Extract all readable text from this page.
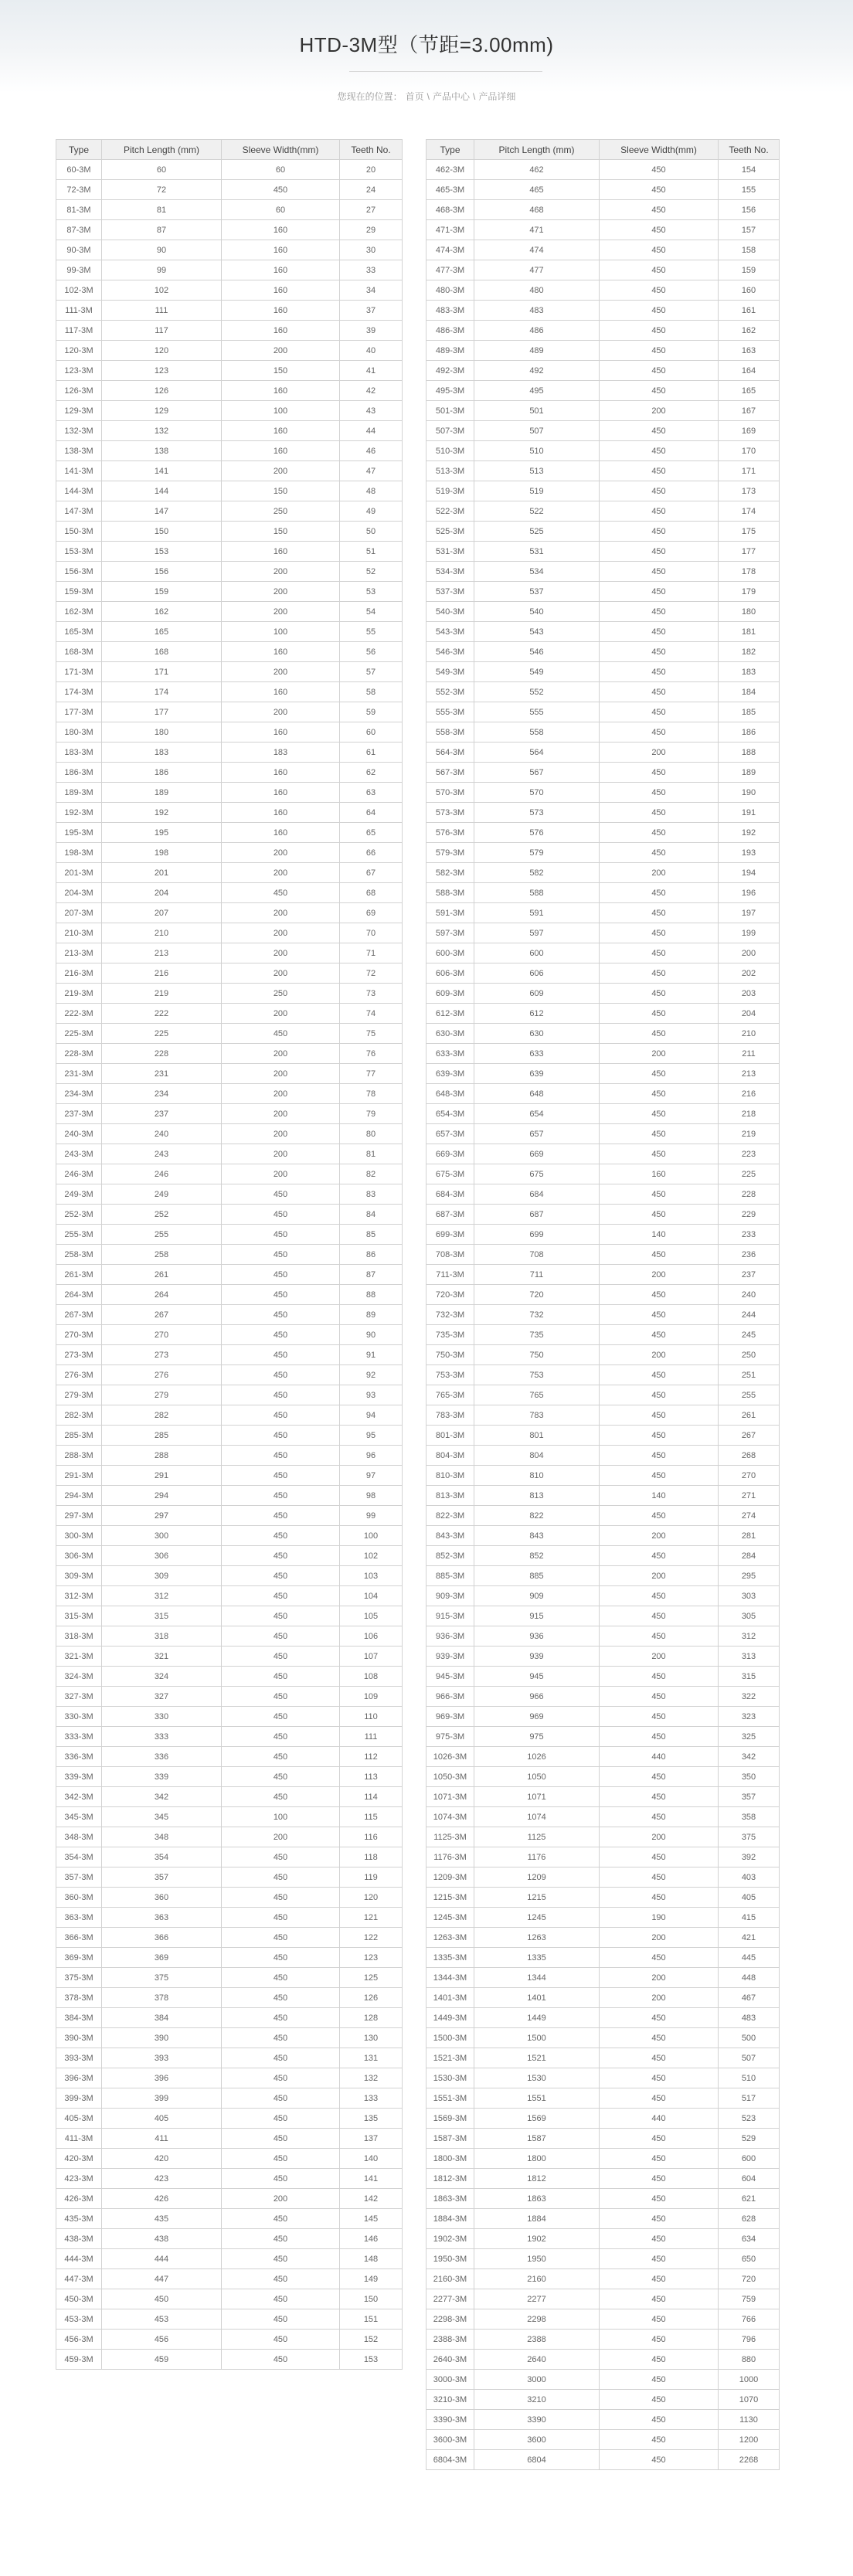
HTD-3M型（节距=3.00mm)
您现在的位置： 首页 \ 产品中心 \ 产品详细
Type	Pitch Length (mm)	Sleeve Width(mm)	Teeth No.
60-3M	60	60	20
72-3M	72	450	24
81-3M	81	60	27
87-3M	87	160	29
90-3M	90	160	30
99-3M	99	160	33
102-3M	102	160	34
111-3M	111	160	37
117-3M	117	160	39
120-3M	120	200	40
123-3M	123	150	41
126-3M	126	160	42
129-3M	129	100	43
132-3M	132	160	44
138-3M	138	160	46
141-3M	141	200	47
144-3M	144	150	48
147-3M	147	250	49
150-3M	150	150	50
153-3M	153	160	51
156-3M	156	200	52
159-3M	159	200	53
162-3M	162	200	54
165-3M	165	100	55
168-3M	168	160	56
171-3M	171	200	57
174-3M	174	160	58
177-3M	177	200	59
180-3M	180	160	60
183-3M	183	183	61
186-3M	186	160	62
189-3M	189	160	63
192-3M	192	160	64
195-3M	195	160	65
198-3M	198	200	66
201-3M	201	200	67
204-3M	204	450	68
207-3M	207	200	69
210-3M	210	200	70
213-3M	213	200	71
216-3M	216	200	72
219-3M	219	250	73
222-3M	222	200	74
225-3M	225	450	75
228-3M	228	200	76
231-3M	231	200	77
234-3M	234	200	78
237-3M	237	200	79
240-3M	240	200	80
243-3M	243	200	81
246-3M	246	200	82
249-3M	249	450	83
252-3M	252	450	84
255-3M	255	450	85
258-3M	258	450	86
261-3M	261	450	87
264-3M	264	450	88
267-3M	267	450	89
270-3M	270	450	90
273-3M	273	450	91
276-3M	276	450	92
279-3M	279	450	93
282-3M	282	450	94
285-3M	285	450	95
288-3M	288	450	96
291-3M	291	450	97
294-3M	294	450	98
297-3M	297	450	99
300-3M	300	450	100
306-3M	306	450	102
309-3M	309	450	103
312-3M	312	450	104
315-3M	315	450	105
318-3M	318	450	106
321-3M	321	450	107
324-3M	324	450	108
327-3M	327	450	109
330-3M	330	450	110
333-3M	333	450	111
336-3M	336	450	112
339-3M	339	450	113
342-3M	342	450	114
345-3M	345	100	115
348-3M	348	200	116
354-3M	354	450	118
357-3M	357	450	119
360-3M	360	450	120
363-3M	363	450	121
366-3M	366	450	122
369-3M	369	450	123
375-3M	375	450	125
378-3M	378	450	126
384-3M	384	450	128
390-3M	390	450	130
393-3M	393	450	131
396-3M	396	450	132
399-3M	399	450	133
405-3M	405	450	135
411-3M	411	450	137
420-3M	420	450	140
423-3M	423	450	141
426-3M	426	200	142
435-3M	435	450	145
438-3M	438	450	146
444-3M	444	450	148
447-3M	447	450	149
450-3M	450	450	150
453-3M	453	450	151
456-3M	456	450	152
459-3M	459	450	153
Type	Pitch Length (mm)	Sleeve Width(mm)	Teeth No.
462-3M	462	450	154
465-3M	465	450	155
468-3M	468	450	156
471-3M	471	450	157
474-3M	474	450	158
477-3M	477	450	159
480-3M	480	450	160
483-3M	483	450	161
486-3M	486	450	162
489-3M	489	450	163
492-3M	492	450	164
495-3M	495	450	165
501-3M	501	200	167
507-3M	507	450	169
510-3M	510	450	170
513-3M	513	450	171
519-3M	519	450	173
522-3M	522	450	174
525-3M	525	450	175
531-3M	531	450	177
534-3M	534	450	178
537-3M	537	450	179
540-3M	540	450	180
543-3M	543	450	181
546-3M	546	450	182
549-3M	549	450	183
552-3M	552	450	184
555-3M	555	450	185
558-3M	558	450	186
564-3M	564	200	188
567-3M	567	450	189
570-3M	570	450	190
573-3M	573	450	191
576-3M	576	450	192
579-3M	579	450	193
582-3M	582	200	194
588-3M	588	450	196
591-3M	591	450	197
597-3M	597	450	199
600-3M	600	450	200
606-3M	606	450	202
609-3M	609	450	203
612-3M	612	450	204
630-3M	630	450	210
633-3M	633	200	211
639-3M	639	450	213
648-3M	648	450	216
654-3M	654	450	218
657-3M	657	450	219
669-3M	669	450	223
675-3M	675	160	225
684-3M	684	450	228
687-3M	687	450	229
699-3M	699	140	233
708-3M	708	450	236
711-3M	711	200	237
720-3M	720	450	240
732-3M	732	450	244
735-3M	735	450	245
750-3M	750	200	250
753-3M	753	450	251
765-3M	765	450	255
783-3M	783	450	261
801-3M	801	450	267
804-3M	804	450	268
810-3M	810	450	270
813-3M	813	140	271
822-3M	822	450	274
843-3M	843	200	281
852-3M	852	450	284
885-3M	885	200	295
909-3M	909	450	303
915-3M	915	450	305
936-3M	936	450	312
939-3M	939	200	313
945-3M	945	450	315
966-3M	966	450	322
969-3M	969	450	323
975-3M	975	450	325
1026-3M	1026	440	342
1050-3M	1050	450	350
1071-3M	1071	450	357
1074-3M	1074	450	358
1125-3M	1125	200	375
1176-3M	1176	450	392
1209-3M	1209	450	403
1215-3M	1215	450	405
1245-3M	1245	190	415
1263-3M	1263	200	421
1335-3M	1335	450	445
1344-3M	1344	200	448
1401-3M	1401	200	467
1449-3M	1449	450	483
1500-3M	1500	450	500
1521-3M	1521	450	507
1530-3M	1530	450	510
1551-3M	1551	450	517
1569-3M	1569	440	523
1587-3M	1587	450	529
1800-3M	1800	450	600
1812-3M	1812	450	604
1863-3M	1863	450	621
1884-3M	1884	450	628
1902-3M	1902	450	634
1950-3M	1950	450	650
2160-3M	2160	450	720
2277-3M	2277	450	759
2298-3M	2298	450	766
2388-3M	2388	450	796
2640-3M	2640	450	880
3000-3M	3000	450	1000
3210-3M	3210	450	1070
3390-3M	3390	450	1130
3600-3M	3600	450	1200
6804-3M	6804	450	2268
